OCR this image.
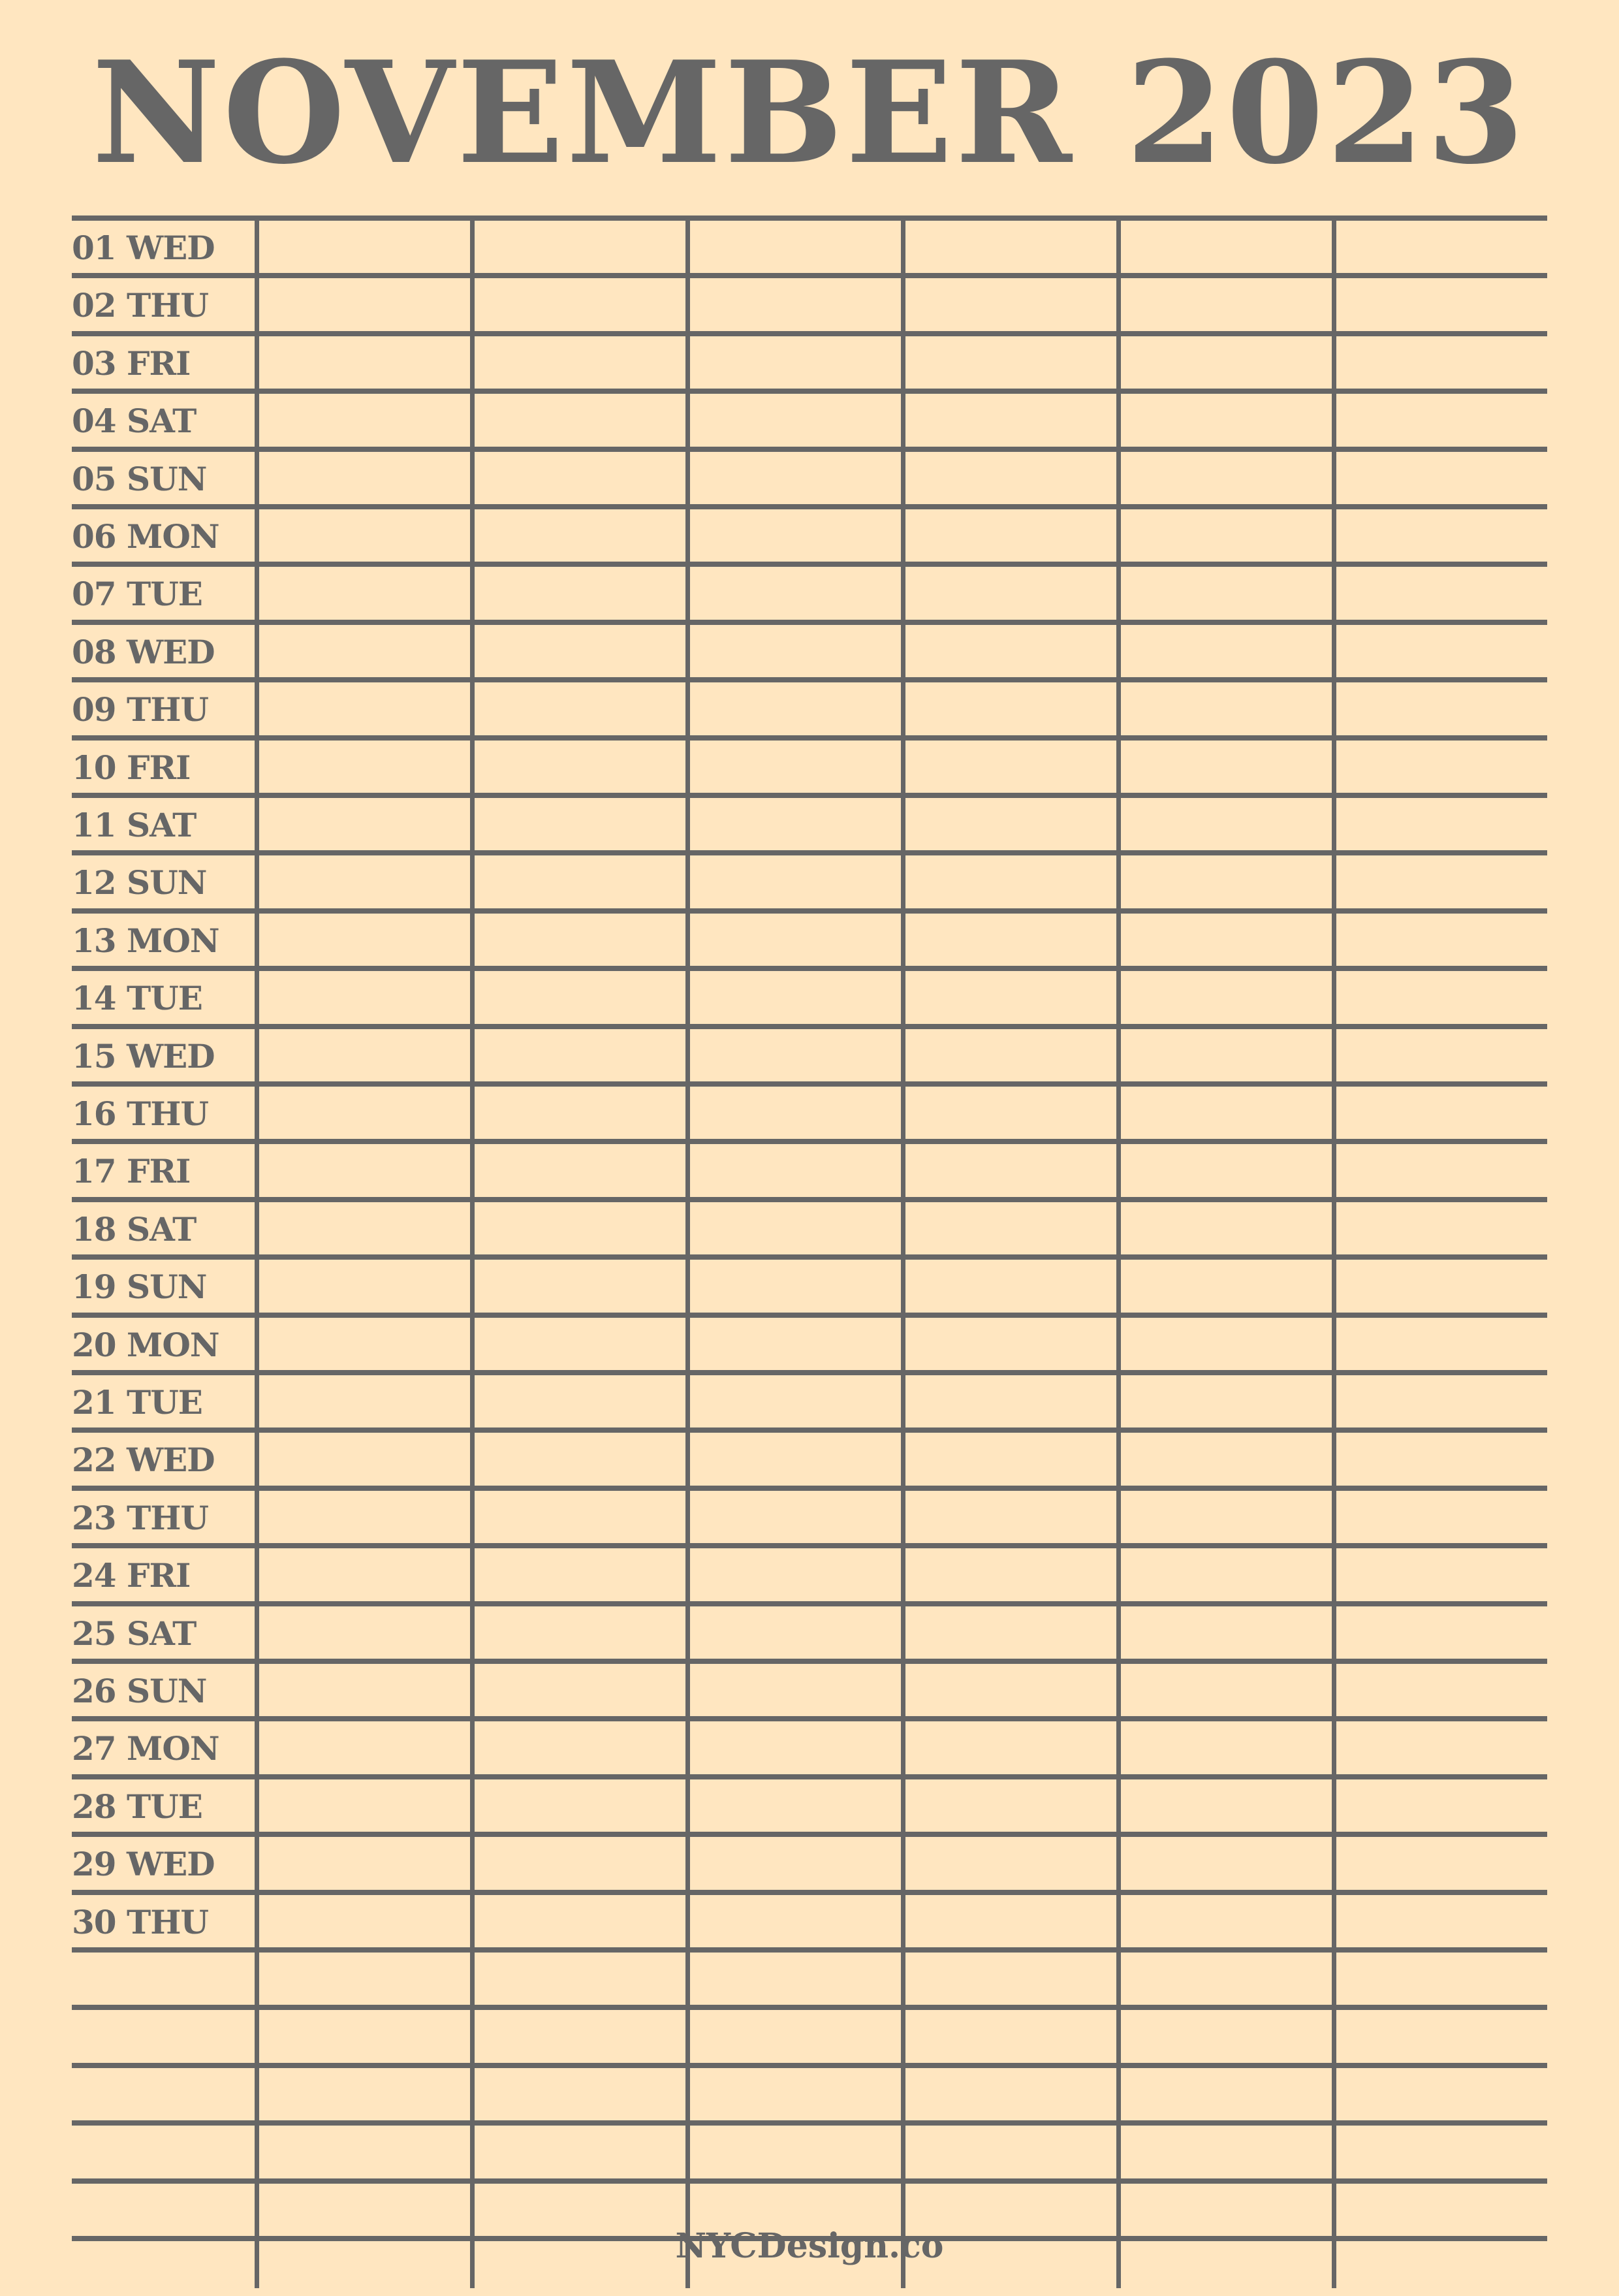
NOVEMBER 2023
01 WED
02 THU
03 FRI
04 SAT
05 SUN
06 MON
07 TUE
08 WED
09 THU
10 FRI
11 SAT
12 SUN
13 MON
14 TUE
15 WED
16 THU
17 FRI
18 SAT
19 SUN
20 MON
21 TUE
22 WED
23 THU
24 FRI
25 SAT
26 SUN
27 MON
28 TUE
29 WED
30 THU
NYCDesign.co
